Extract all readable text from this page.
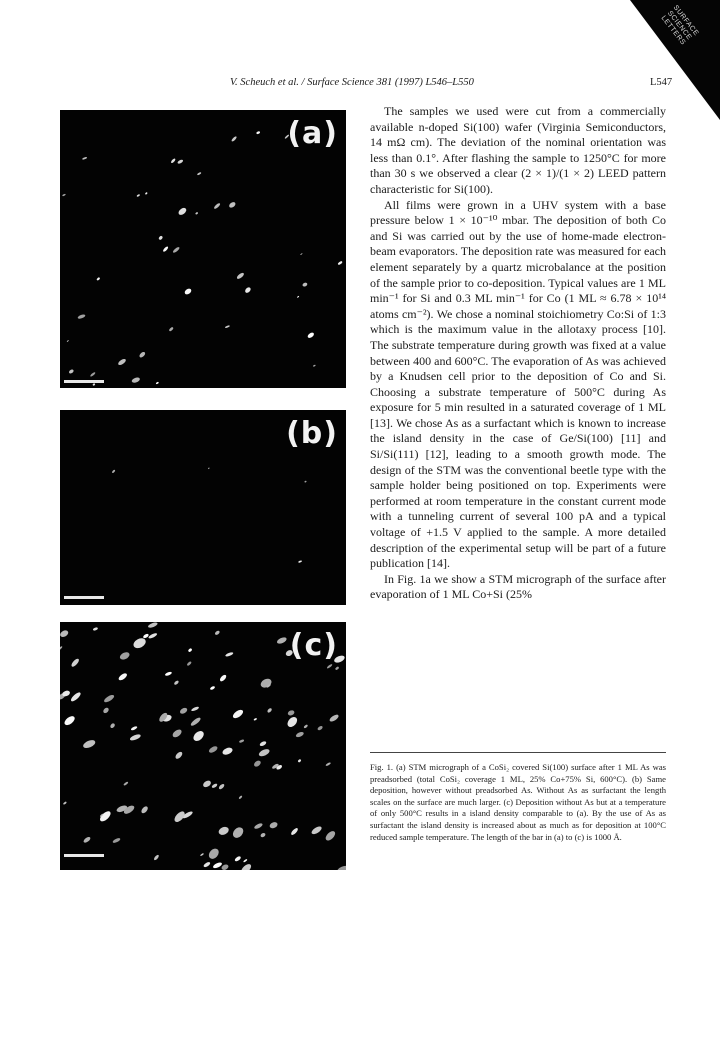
SURFACE SCIENCE LETTERS
V. Scheuch et al. / Surface Science 381 (1997) L546–L550	L547
(a)
(b)
(c)

The samples we used were cut from a commercially available n-doped Si(100) wafer (Virginia Semiconductors, 14 mΩ cm). The deviation of the nominal orientation was less than 0.1°. After flashing the sample to 1250°C for more than 30 s we observed a clear (2 × 1)/(1 × 2) LEED pattern characteristic for Si(100).

All films were grown in a UHV system with a base pressure below 1 × 10⁻¹⁰ mbar. The deposition of both Co and Si was carried out by the use of home-made electron-beam evaporators. The deposition rate was measured for each element separately by a quartz microbalance at the position of the sample prior to co-deposition. Typical values are 1 ML min⁻¹ for Si and 0.3 ML min⁻¹ for Co (1 ML ≈ 6.78 × 10¹⁴ atoms cm⁻²). We chose a nominal stoichiometry Co:Si of 1:3 which is the maximum value in the allotaxy process [10]. The substrate temperature during growth was fixed at a value between 400 and 600°C. The evaporation of As was achieved by a Knudsen cell prior to the deposition of Co and Si. Choosing a substrate temperature of 500°C during As exposure for 5 min resulted in a saturated coverage of 1 ML [13]. We chose As as a surfactant which is known to increase the island density in the case of Ge/Si(100) [11] and Si/Si(111) [12], leading to a smooth growth mode. The design of the STM was the conventional beetle type with the sample holder being positioned on top. Experiments were performed at room temperature in the constant current mode with a tunneling current of several 100 pA and a typical voltage of +1.5 V applied to the sample. A more detailed description of the experimental setup will be part of a future publication [14].

In Fig. 1a we show a STM micrograph of the surface after evaporation of 1 ML Co+Si (25%

Fig. 1. (a) STM micrograph of a CoSi₂ covered Si(100) surface after 1 ML As was preadsorbed (total CoSi₂ coverage 1 ML, 25% Co+75% Si, 600°C). (b) Same deposition, however without preadsorbed As. Without As as surfactant the length scales on the surface are much larger. (c) Deposition without As but at a temperature of only 500°C results in a island density comparable to (a). By the use of As as surfactant the island density is increased about as much as for deposition at 100°C reduced sample temperature. The length of the bar in (a) to (c) is 1000 Å.
